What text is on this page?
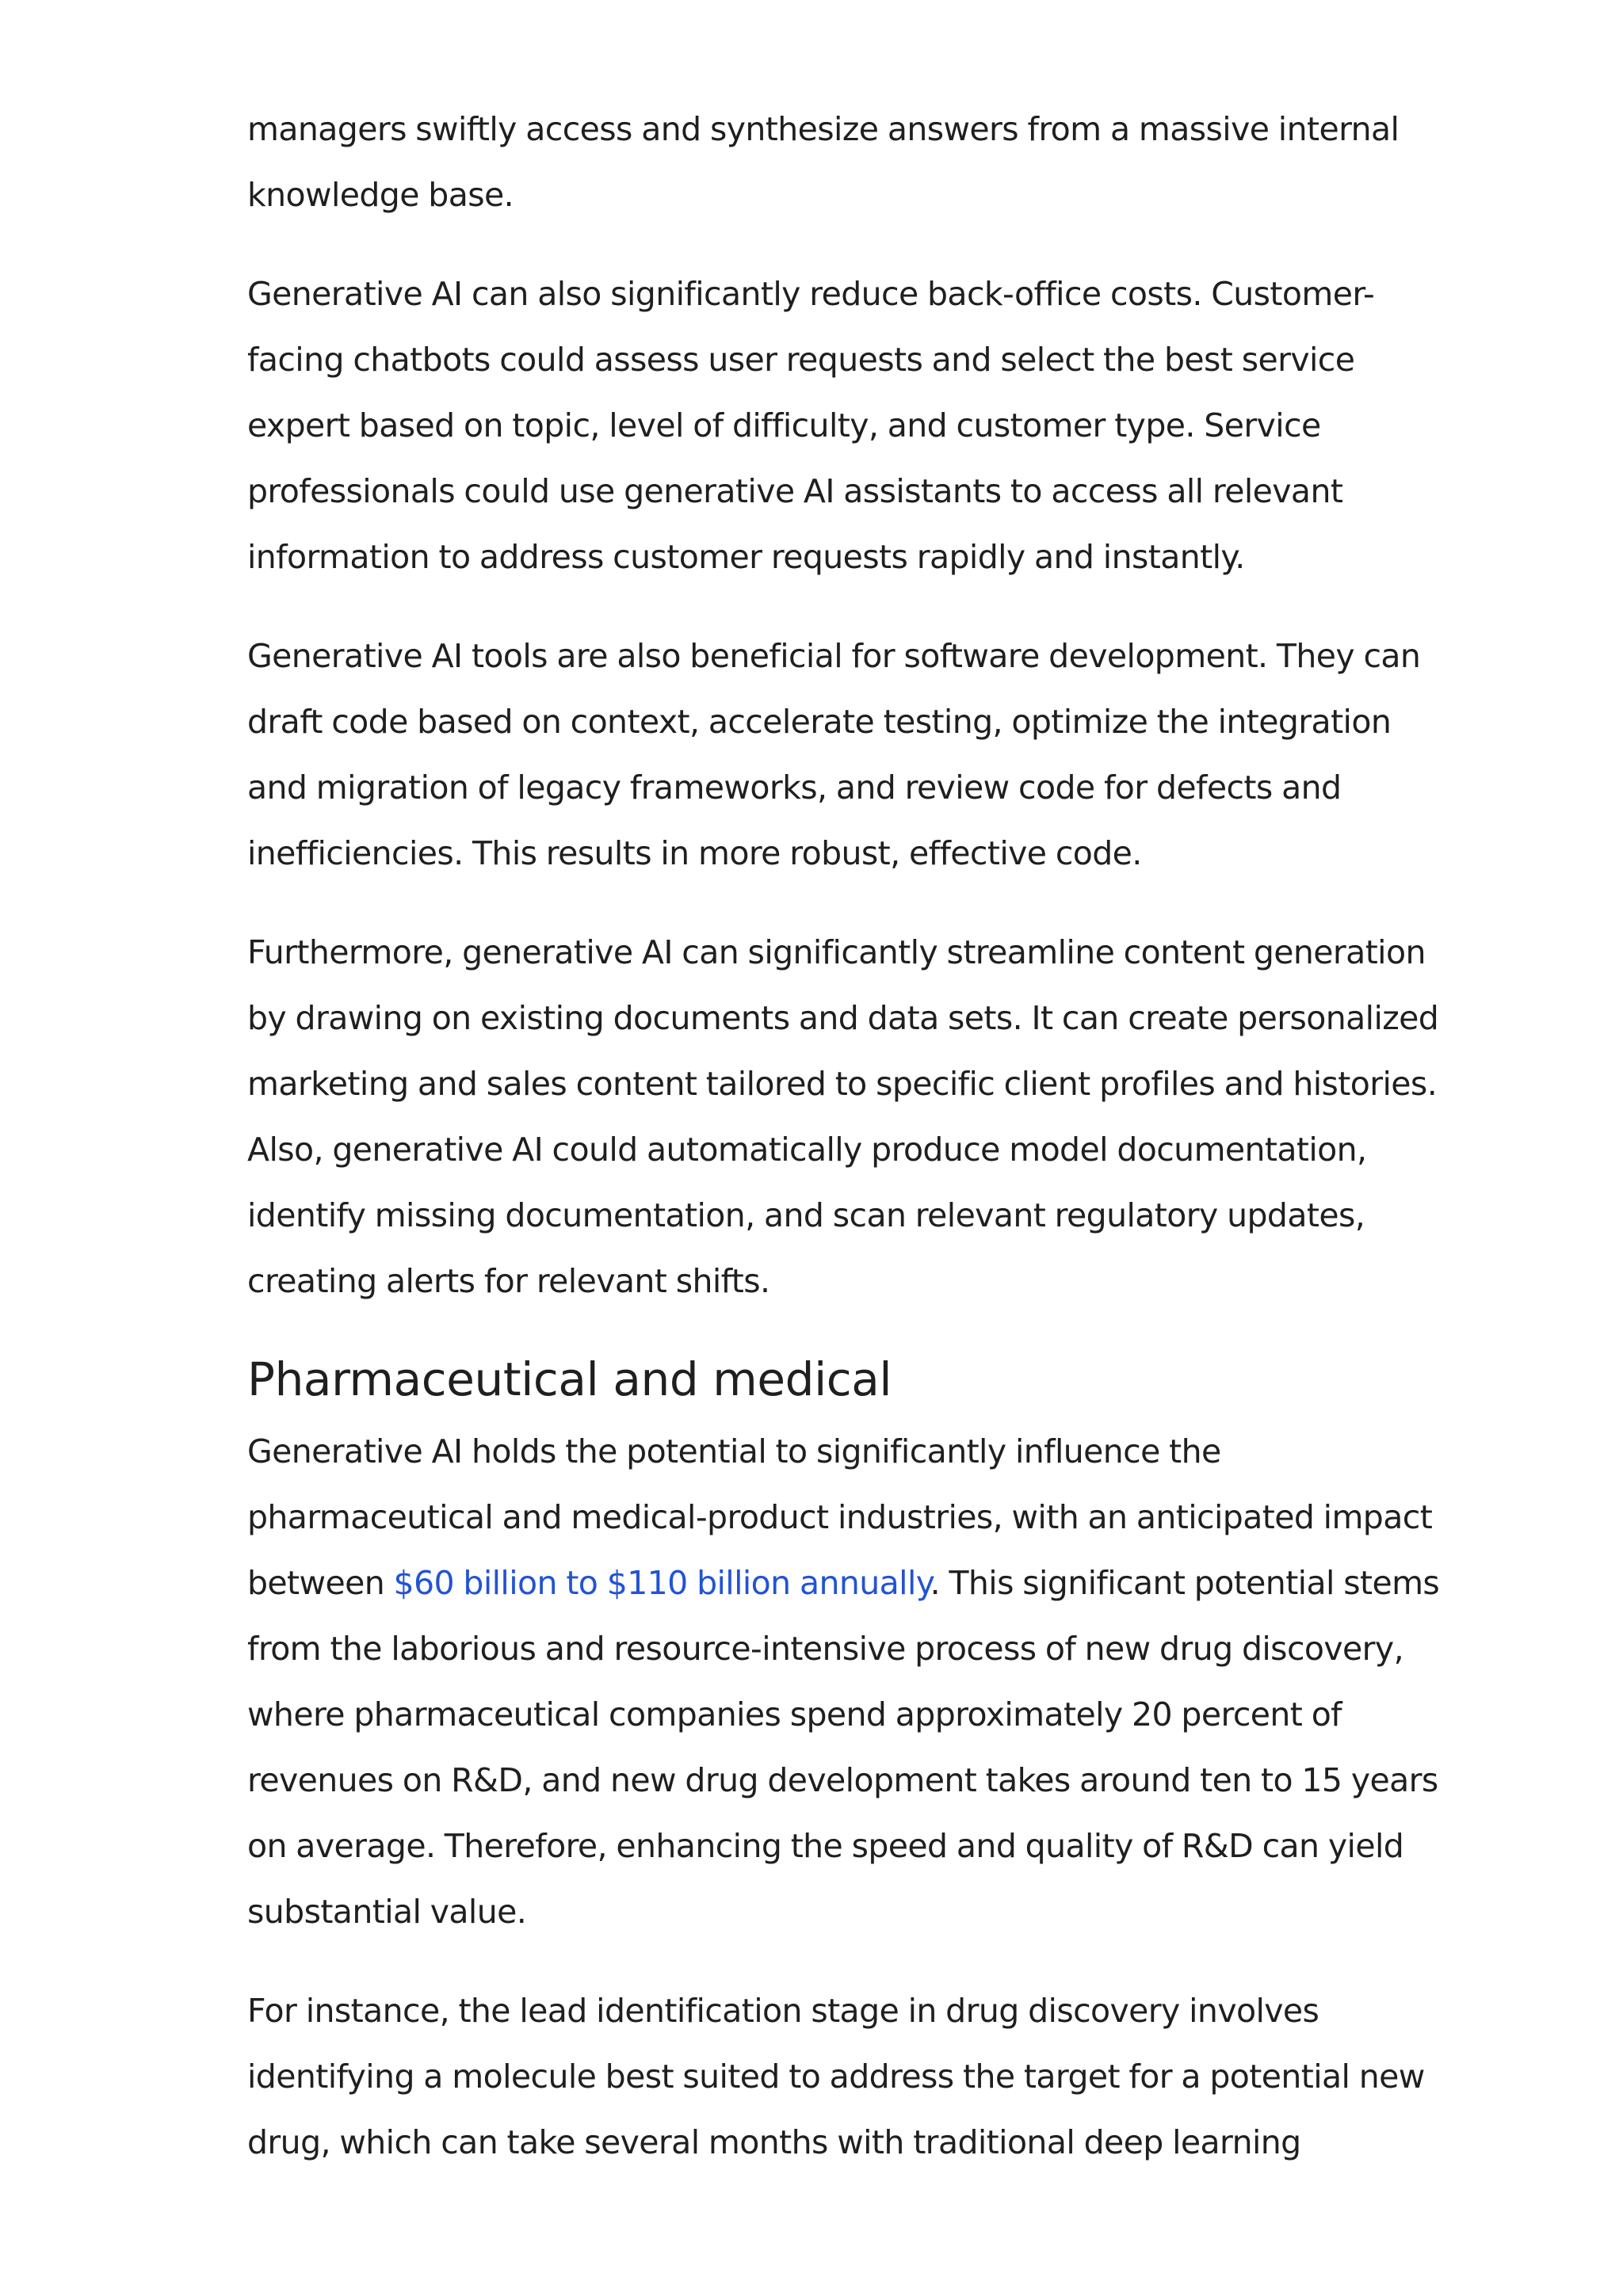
managers swiftly access and synthesize answers from a massive internal knowledge base.

Generative AI can also significantly reduce back-office costs. Customer-facing chatbots could assess user requests and select the best service expert based on topic, level of difficulty, and customer type. Service professionals could use generative AI assistants to access all relevant information to address customer requests rapidly and instantly.

Generative AI tools are also beneficial for software development. They can draft code based on context, accelerate testing, optimize the integration and migration of legacy frameworks, and review code for defects and inefficiencies. This results in more robust, effective code.

Furthermore, generative AI can significantly streamline content generation by drawing on existing documents and data sets. It can create personalized marketing and sales content tailored to specific client profiles and histories. Also, generative AI could automatically produce model documentation, identify missing documentation, and scan relevant regulatory updates, creating alerts for relevant shifts.

Pharmaceutical and medical

Generative AI holds the potential to significantly influence the pharmaceutical and medical-product industries, with an anticipated impact between $60 billion to $110 billion annually. This significant potential stems from the laborious and resource-intensive process of new drug discovery, where pharmaceutical companies spend approximately 20 percent of revenues on R&D, and new drug development takes around ten to 15 years on average. Therefore, enhancing the speed and quality of R&D can yield substantial value.

For instance, the lead identification stage in drug discovery involves identifying a molecule best suited to address the target for a potential new drug, which can take several months with traditional deep learning
